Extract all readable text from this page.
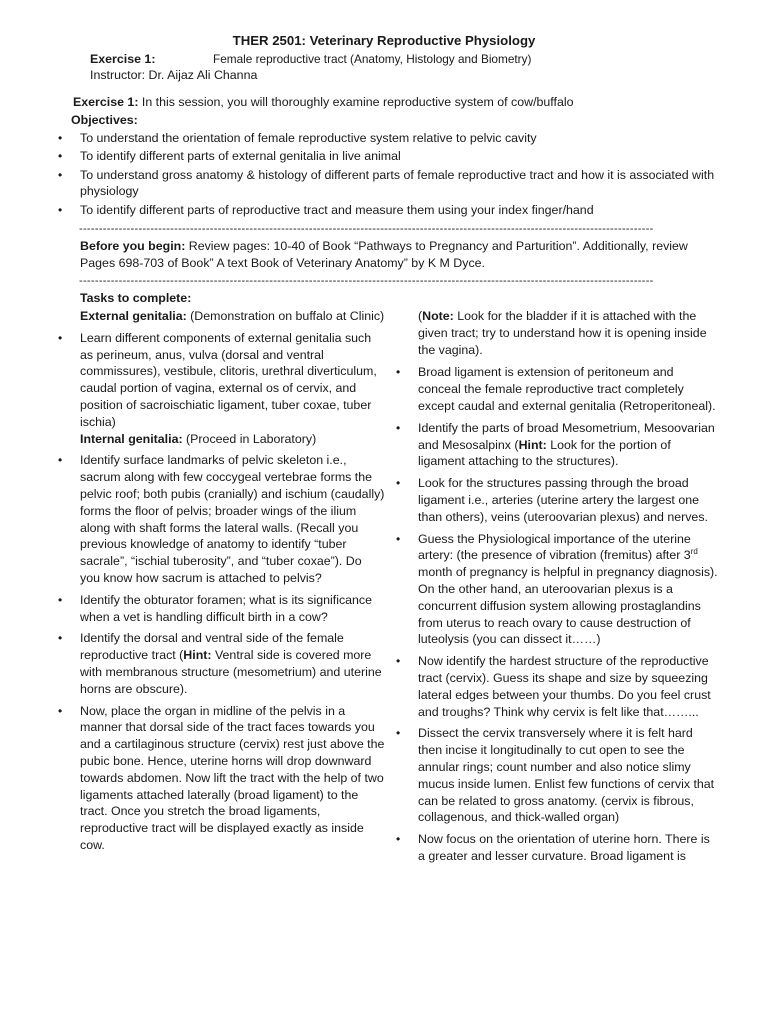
THER 2501: Veterinary Reproductive Physiology
Exercise 1:	Female reproductive tract (Anatomy, Histology and Biometry)
Instructor: Dr. Aijaz Ali Channa
Exercise 1: In this session, you will thoroughly examine reproductive system of cow/buffalo
Objectives:
• To understand the orientation of female reproductive system relative to pelvic cavity
• To identify different parts of external genitalia in live animal
• To understand gross anatomy & histology of different parts of female reproductive tract and how it is associated with physiology
• To identify different parts of reproductive tract and measure them using your index finger/hand
-------------------------------------------------------------------------------------------------------------------------------------------------
Before you begin: Review pages: 10-40 of Book “Pathways to Pregnancy and Parturition”. Additionally, review Pages 698-703 of Book” A text Book of Veterinary Anatomy” by K M Dyce.
-------------------------------------------------------------------------------------------------------------------------------------------------
Tasks to complete:

External genitalia: (Demonstration on buffalo at Clinic)

• Learn different components of external genitalia such as perineum, anus, vulva (dorsal and ventral commissures), vestibule, clitoris, urethral diverticulum, caudal portion of vagina, external os of cervix, and position of sacroischiatic ligament, tuber coxae, tuber ischia)

Internal genitalia: (Proceed in Laboratory)

• Identify surface landmarks of pelvic skeleton i.e., sacrum along with few coccygeal vertebrae forms the pelvic roof; both pubis (cranially) and ischium (caudally) forms the floor of pelvis; broader wings of the ilium along with shaft forms the lateral walls. (Recall you previous knowledge of anatomy to identify “tuber sacrale”, “ischial tuberosity”, and “tuber coxae”). Do you know how sacrum is attached to pelvis?
• Identify the obturator foramen; what is its significance when a vet is handling difficult birth in a cow?
• Identify the dorsal and ventral side of the female reproductive tract (Hint: Ventral side is covered more with membranous structure (mesometrium) and uterine horns are obscure).
• Now, place the organ in midline of the pelvis in a manner that dorsal side of the tract faces towards you and a cartilaginous structure (cervix) rest just above the pubic bone. Hence, uterine horns will drop downward towards abdomen. Now lift the tract with the help of two ligaments attached laterally (broad ligament) to the tract. Once you stretch the broad ligaments, reproductive tract will be displayed exactly as inside cow.

(Note: Look for the bladder if it is attached with the given tract; try to understand how it is opening inside the vagina).

• Broad ligament is extension of peritoneum and conceal the female reproductive tract completely except caudal and external genitalia (Retroperitoneal).
• Identify the parts of broad Mesometrium, Mesoovarian and Mesosalpinx (Hint: Look for the portion of ligament attaching to the structures).
• Look for the structures passing through the broad ligament i.e., arteries (uterine artery the largest one than others), veins (uteroovarian plexus) and nerves.
• Guess the Physiological importance of the uterine artery: (the presence of vibration (fremitus) after 3rd month of pregnancy is helpful in pregnancy diagnosis). On the other hand, an uteroovarian plexus is a concurrent diffusion system allowing prostaglandins from uterus to reach ovary to cause destruction of luteolysis (you can dissect it……)
• Now identify the hardest structure of the reproductive tract (cervix). Guess its shape and size by squeezing lateral edges between your thumbs. Do you feel crust and troughs? Think why cervix is felt like that……...
• Dissect the cervix transversely where it is felt hard then incise it longitudinally to cut open to see the annular rings; count number and also notice slimy mucus inside lumen. Enlist few functions of cervix that can be related to gross anatomy. (cervix is fibrous, collagenous, and thick-walled organ)
• Now focus on the orientation of uterine horn. There is a greater and lesser curvature. Broad ligament is
